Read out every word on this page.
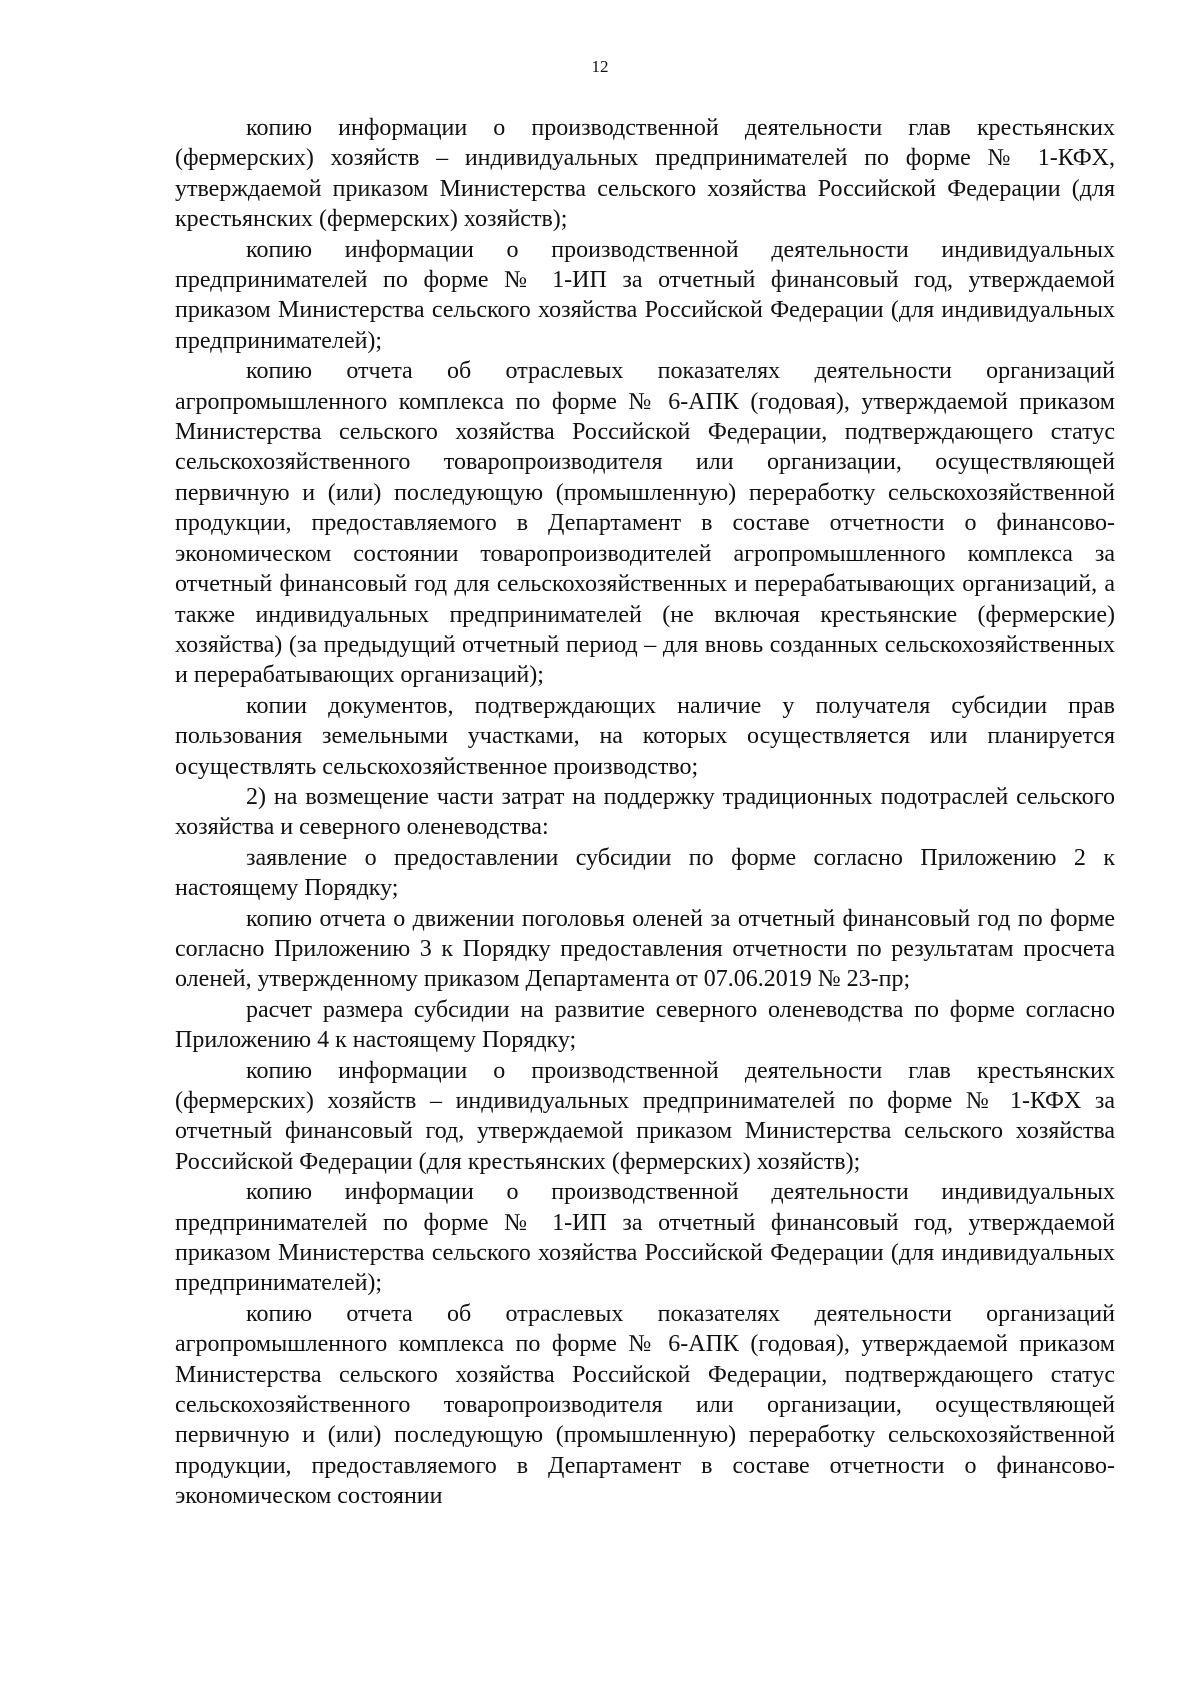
12

копию информации о производственной деятельности глав крестьянских (фермерских) хозяйств – индивидуальных предпринимателей по форме № 1-КФХ, утверждаемой приказом Министерства сельского хозяйства Российской Федерации (для крестьянских (фермерских) хозяйств);

копию информации о производственной деятельности индивидуальных предпринимателей по форме № 1-ИП за отчетный финансовый год, утверждаемой приказом Министерства сельского хозяйства Российской Федерации (для индивидуальных предпринимателей);

копию отчета об отраслевых показателях деятельности организаций агропромышленного комплекса по форме № 6-АПК (годовая), утверждаемой приказом Министерства сельского хозяйства Российской Федерации, подтверждающего статус сельскохозяйственного товаропроизводителя или организации, осуществляющей первичную и (или) последующую (промышленную) переработку сельскохозяйственной продукции, предоставляемого в Департамент в составе отчетности о финансово-экономическом состоянии товаропроизводителей агропромышленного комплекса за отчетный финансовый год для сельскохозяйственных и перерабатывающих организаций, а также индивидуальных предпринимателей (не включая крестьянские (фермерские) хозяйства) (за предыдущий отчетный период – для вновь созданных сельскохозяйственных и перерабатывающих организаций);

копии документов, подтверждающих наличие у получателя субсидии прав пользования земельными участками, на которых осуществляется или планируется осуществлять сельскохозяйственное производство;

2) на возмещение части затрат на поддержку традиционных подотраслей сельского хозяйства и северного оленеводства:

заявление о предоставлении субсидии по форме согласно Приложению 2 к настоящему Порядку;

копию отчета о движении поголовья оленей за отчетный финансовый год по форме согласно Приложению 3 к Порядку предоставления отчетности по результатам просчета оленей, утвержденному приказом Департамента от 07.06.2019 № 23-пр;

расчет размера субсидии на развитие северного оленеводства по форме согласно Приложению 4 к настоящему Порядку;

копию информации о производственной деятельности глав крестьянских (фермерских) хозяйств – индивидуальных предпринимателей по форме № 1-КФХ за отчетный финансовый год, утверждаемой приказом Министерства сельского хозяйства Российской Федерации (для крестьянских (фермерских) хозяйств);

копию информации о производственной деятельности индивидуальных предпринимателей по форме № 1-ИП за отчетный финансовый год, утверждаемой приказом Министерства сельского хозяйства Российской Федерации (для индивидуальных предпринимателей);

копию отчета об отраслевых показателях деятельности организаций агропромышленного комплекса по форме № 6-АПК (годовая), утверждаемой приказом Министерства сельского хозяйства Российской Федерации, подтверждающего статус сельскохозяйственного товаропроизводителя или организации, осуществляющей первичную и (или) последующую (промышленную) переработку сельскохозяйственной продукции, предоставляемого в Департамент в составе отчетности о финансово-экономическом состоянии
